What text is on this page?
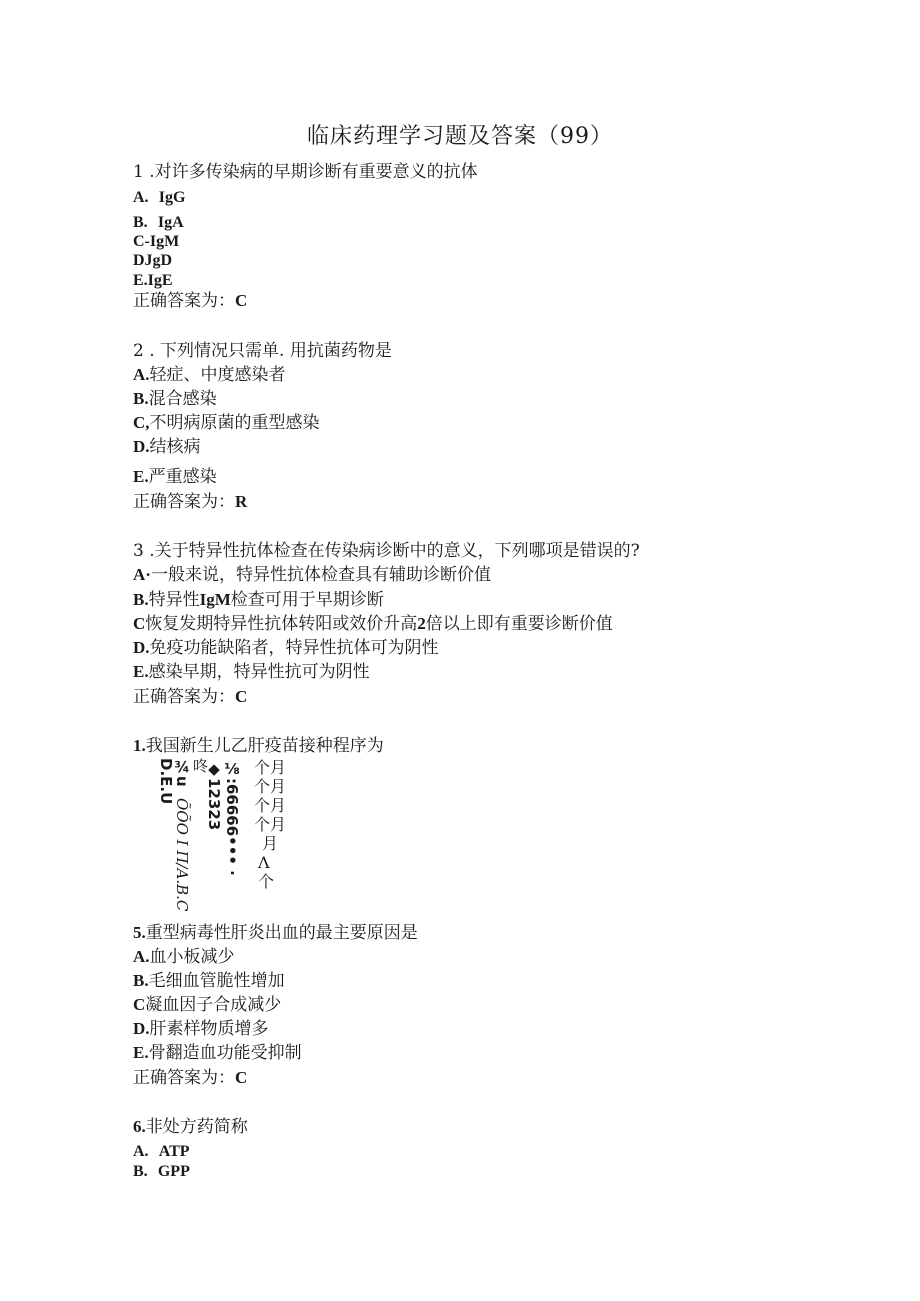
临床药理学习题及答案（99）
1 .对许多传染病的早期诊断有重要意义的抗体
A. IgG
B. IgA
C-IgM
DJgD
E.IgE
正确答案为：C
2 . 下列情况只需单. 用抗菌药物是
A.轻症、中度感染者
B.混合感染
C,不明病原菌的重型感染
D.结核病
E.严重感染
正确答案为：R
3 .关于特异性抗体检查在传染病诊断中的意义，下列哪项是错误的?
A·一般来说，特异性抗体检查具有辅助诊断价值
B.特异性IgM检查可用于早期诊断
C恢复发期特异性抗体转阳或效价升高2倍以上即有重要诊断价值
D.免疫功能缺陷者，特异性抗体可为阴性
E.感染早期，特异性抗可为阴性
正确答案为：C
1.我国新生儿乙肝疫苗接种程序为
D.E.U
¾u
ÕÕO I Π/A.B.C
咚
◆12323 ⅛:66666••• · 个月
个月
个月
个月
月
Λ
个
5.重型病毒性肝炎出血的最主要原因是
A.血小板减少
B.毛细血管脆性增加
C凝血因子合成减少
D.肝素样物质增多
E.骨翻造血功能受抑制
正确答案为：C
6.非处方药简称
A. ATP
B. GPP
